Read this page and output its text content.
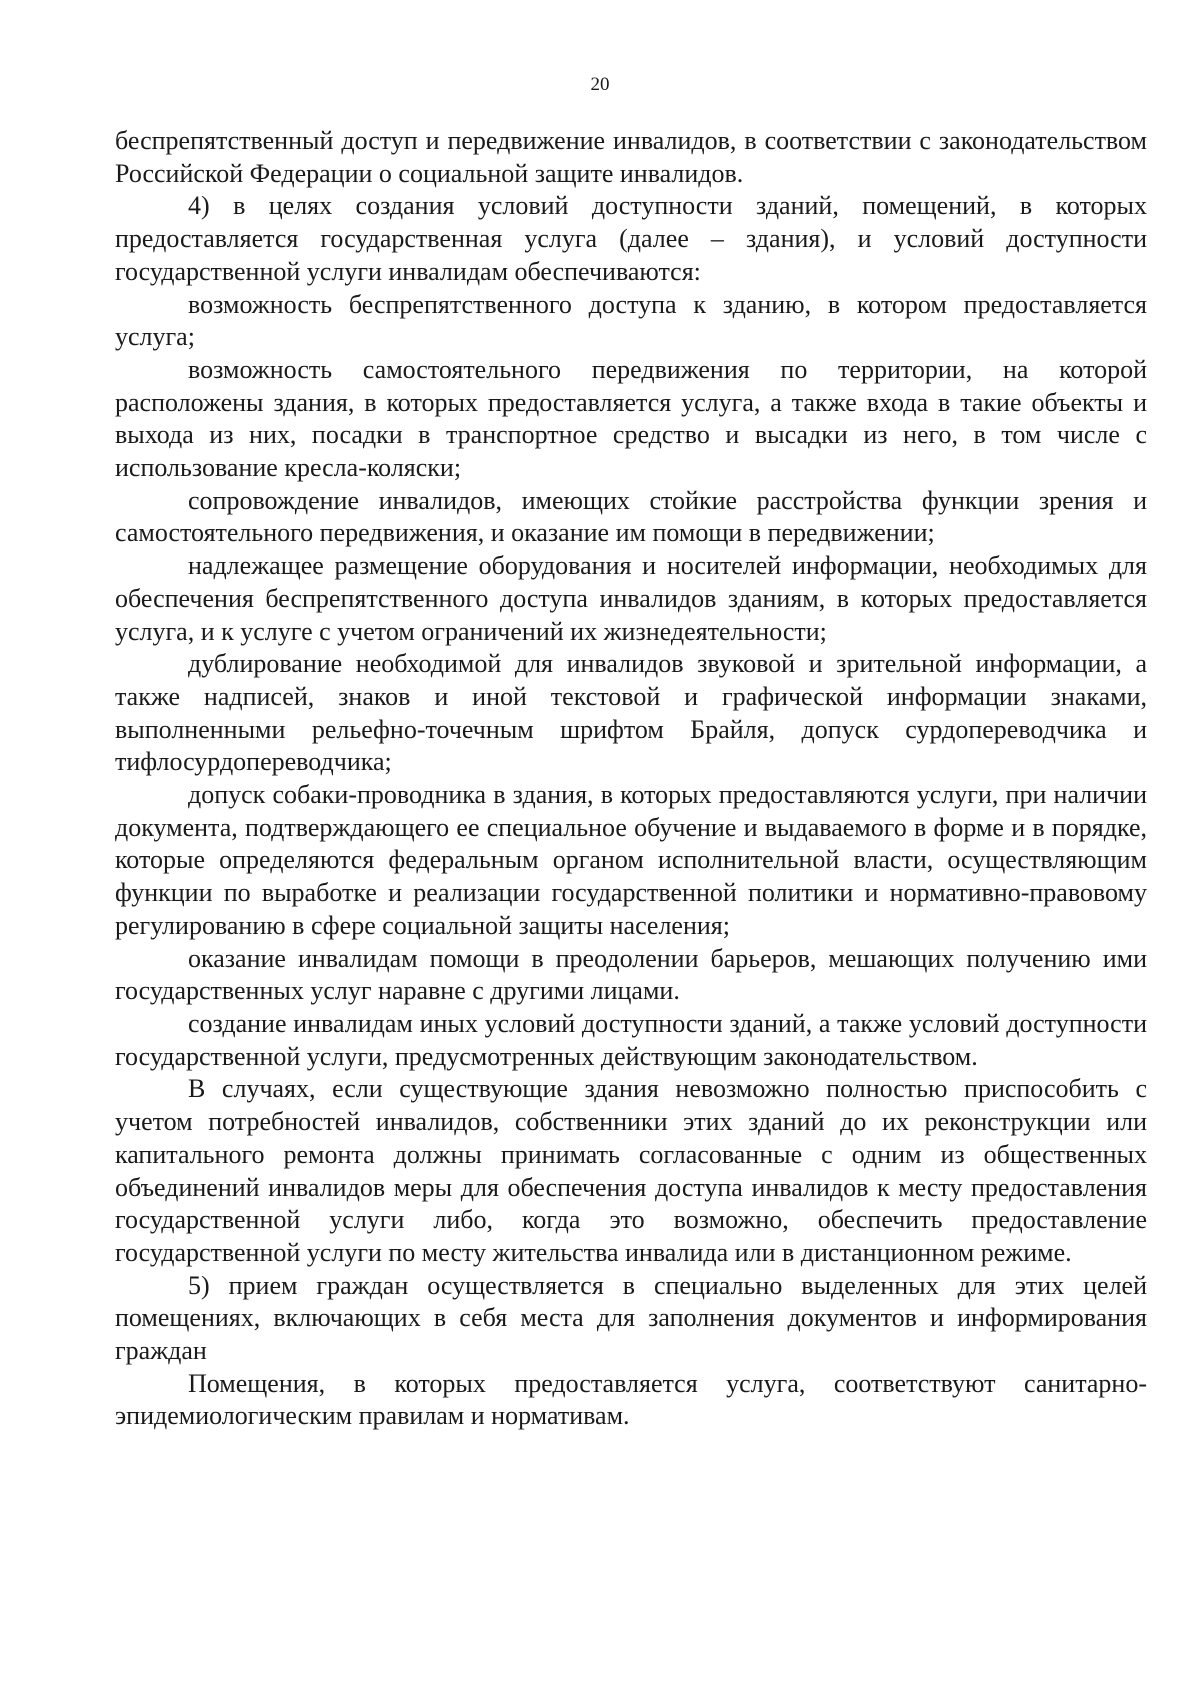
20

беспрепятственный доступ и передвижение инвалидов, в соответствии с законодательством Российской Федерации о социальной защите инвалидов.

4) в целях создания условий доступности зданий, помещений, в которых предоставляется государственная услуга (далее – здания), и условий доступности государственной услуги инвалидам обеспечиваются:

возможность беспрепятственного доступа к зданию, в котором предоставляется услуга;

возможность самостоятельного передвижения по территории, на которой расположены здания, в которых предоставляется услуга, а также входа в такие объекты и выхода из них, посадки в транспортное средство и высадки из него, в том числе с использование кресла-коляски;

сопровождение инвалидов, имеющих стойкие расстройства функции зрения и самостоятельного передвижения, и оказание им помощи в передвижении;

надлежащее размещение оборудования и носителей информации, необходимых для обеспечения беспрепятственного доступа инвалидов зданиям, в которых предоставляется услуга, и к услуге с учетом ограничений их жизнедеятельности;

дублирование необходимой для инвалидов звуковой и зрительной информации, а также надписей, знаков и иной текстовой и графической информации знаками, выполненными рельефно-точечным шрифтом Брайля, допуск сурдопереводчика и тифлосурдопереводчика;

допуск собаки-проводника в здания, в которых предоставляются услуги, при наличии документа, подтверждающего ее специальное обучение и выдаваемого в форме и в порядке, которые определяются федеральным органом исполнительной власти, осуществляющим функции по выработке и реализации государственной политики и нормативно-правовому регулированию в сфере социальной защиты населения;

оказание инвалидам помощи в преодолении барьеров, мешающих получению ими государственных услуг наравне с другими лицами.

создание инвалидам иных условий доступности зданий, а также условий доступности государственной услуги, предусмотренных действующим законодательством.

В случаях, если существующие здания невозможно полностью приспособить с учетом потребностей инвалидов, собственники этих зданий до их реконструкции или капитального ремонта должны принимать согласованные с одним из общественных объединений инвалидов меры для обеспечения доступа инвалидов к месту предоставления государственной услуги либо, когда это возможно, обеспечить предоставление государственной услуги по месту жительства инвалида или в дистанционном режиме.

5) прием граждан осуществляется в специально выделенных для этих целей помещениях, включающих в себя места для заполнения документов и информирования граждан

Помещения, в которых предоставляется услуга, соответствуют санитарно-эпидемиологическим правилам и нормативам.
